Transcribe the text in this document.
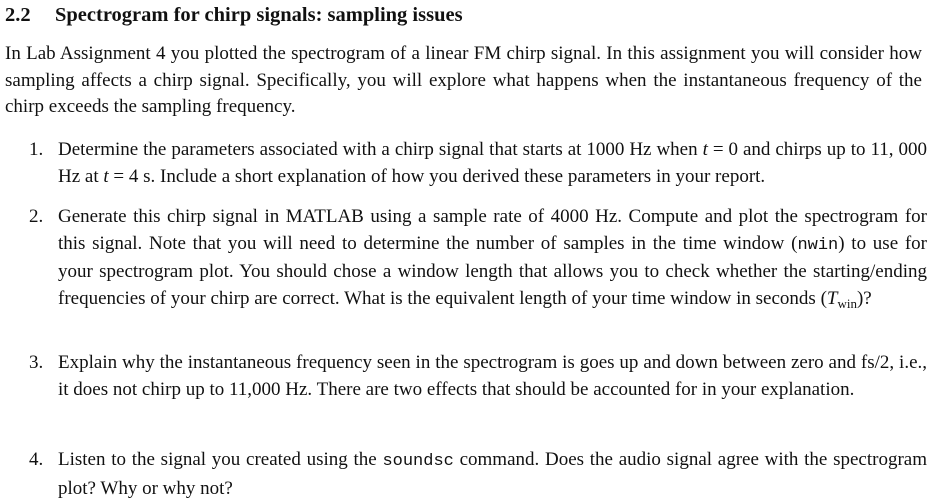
2.2 Spectrogram for chirp signals: sampling issues

In Lab Assignment 4 you plotted the spectrogram of a linear FM chirp signal. In this assignment you will consider how sampling affects a chirp signal. Specifically, you will explore what happens when the instantaneous frequency of the chirp exceeds the sampling frequency.

1. Determine the parameters associated with a chirp signal that starts at 1000 Hz when t = 0 and chirps up to 11, 000 Hz at t = 4 s. Include a short explanation of how you derived these parameters in your report.
2. Generate this chirp signal in MATLAB using a sample rate of 4000 Hz. Compute and plot the spectrogram for this signal. Note that you will need to determine the number of samples in the time window (nwin) to use for your spectrogram plot. You should chose a window length that allows you to check whether the starting/ending frequencies of your chirp are correct. What is the equivalent length of your time window in seconds $(T_{win})$?
3. Explain why the instantaneous frequency seen in the spectrogram is goes up and down between zero and fs/2, i.e., it does not chirp up to 11,000 Hz. There are two effects that should be accounted for in your explanation.
4. Listen to the signal you created using the soundsc command. Does the audio signal agree with the spectrogram plot? Why or why not?
